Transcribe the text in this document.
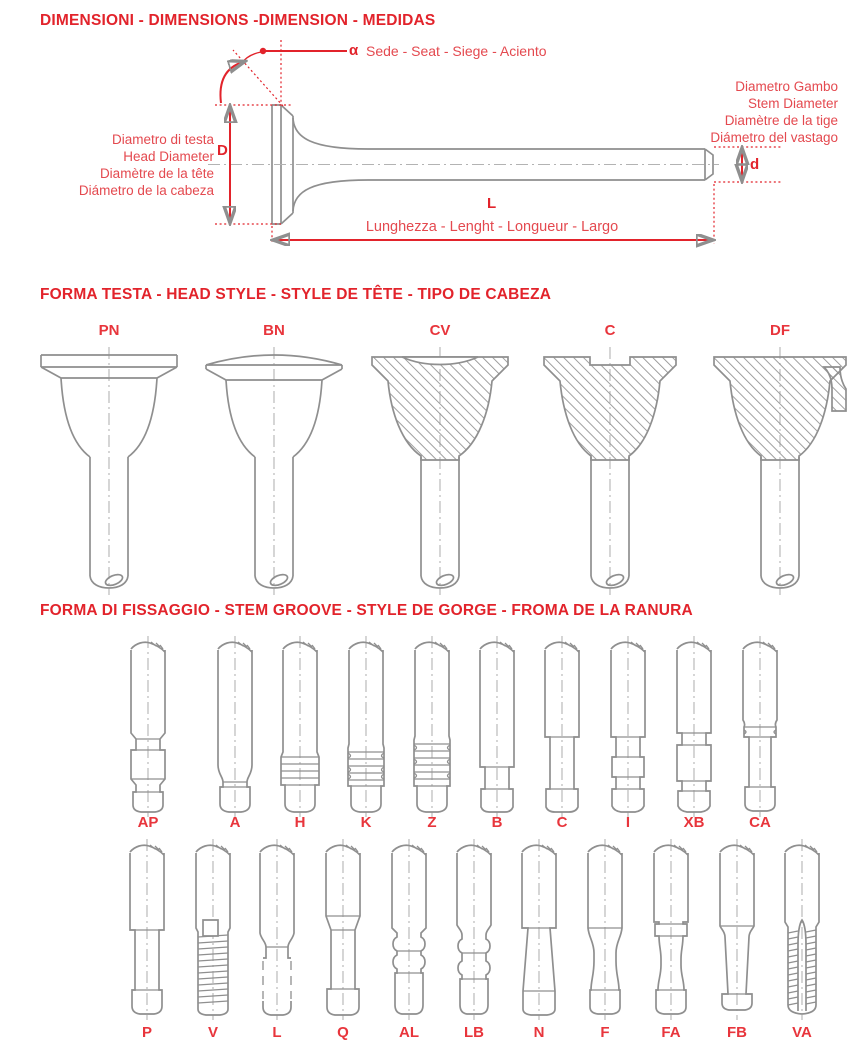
DIMENSIONI - DIMENSIONS -DIMENSION - MEDIDAS
α Sede - Seat - Siege - Aciento
Diametro di testa
Head Diameter
Diamètre de la tête
Diámetro de la cabeza
D
Diametro Gambo
Stem Diameter
Diamètre de la tige
Diámetro del vastago
d
L
Lunghezza - Lenght - Longueur - Largo
FORMA TESTA - HEAD STYLE - STYLE DE TÊTE - TIPO DE CABEZA
PN	BN	CV	C	DF
FORMA DI FISSAGGIO - STEM GROOVE - STYLE DE GORGE - FROMA DE LA RANURA
AP	A	H	K	Z	B	C	I	XB	CA
P	V	L	Q	AL	LB	N	F	FA	FB	VA
